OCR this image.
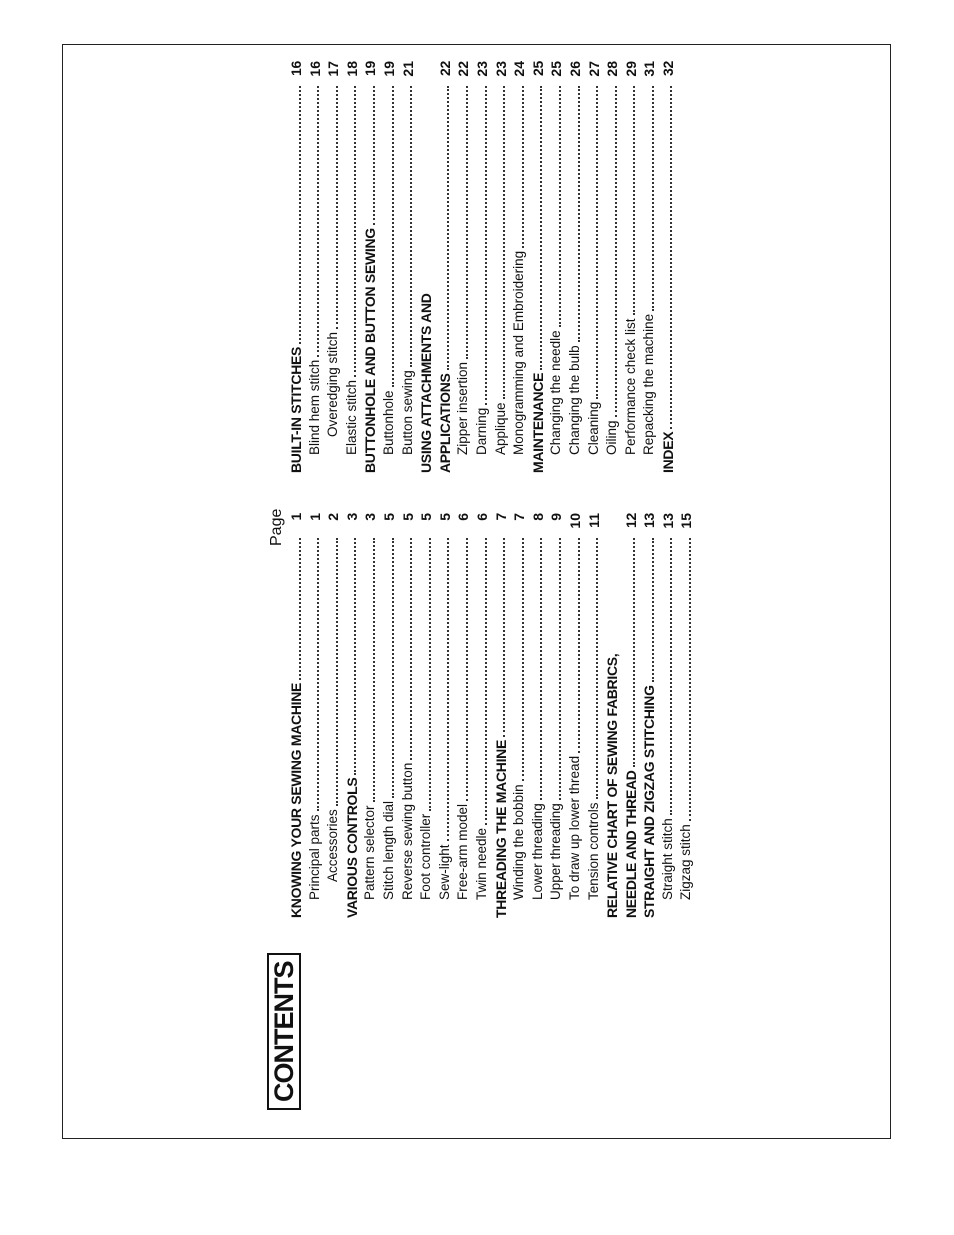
CONTENTS
Page
KNOWING YOUR SEWING MACHINE
1
Principal parts
1
Accessories
2
VARIOUS CONTROLS
3
Pattern selector
3
Stitch length dial
5
Reverse sewing button
5
Foot controller
5
Sew-light
5
Free-arm model
6
Twin needle
6
THREADING THE MACHINE
7
Winding the bobbin
7
Lower threading
8
Upper threading
9
To draw up lower thread
10
Tension controls
11
RELATIVE CHART OF SEWING FABRICS, NEEDLE AND THREAD
12
STRAIGHT AND ZIGZAG STITCHING
13
Straight stitch
13
Zigzag stitch
15
BUILT-IN STITCHES
16
Blind hem stitch
16
Overedging stitch
17
Elastic stitch
18
BUTTONHOLE AND BUTTON SEWING
19
Buttonhole
19
Button sewing
21
USING ATTACHMENTS AND APPLICATIONS
22
Zipper insertion
22
Darning
23
Applique
23
Monogramming and Embroidering
24
MAINTENANCE
25
Changing the needle
25
Changing the bulb
26
Cleaning
27
Oiling
28
Performance check list
29
Repacking the machine
31
INDEX
32
